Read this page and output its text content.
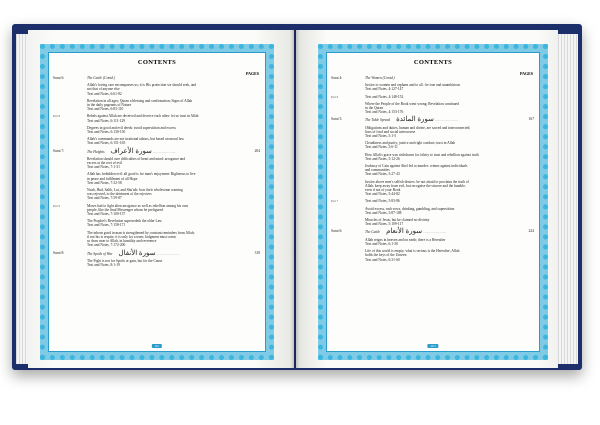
CONTENTS
PAGES
Surat 6:	The Cattle (Contd.)
Allah's loving care encompasses us; it is His protection we should seek, and
not that of anyone else
Text and Notes, 6:61-82
Revelation in all ages; Quran a blessing and confirmation; Signs of Allah
in the daily pageants of Nature
Text and Notes, 6:83-110
Part 8	Rebels against Allah are deceived and deceive each other: let us trust in Allah
Text and Notes, 6:111-129
Degrees in good and evil deeds: avoid superstition and excess
Text and Notes, 6:130-150
Allah's commands are not irrational taboos, but based on moral law
Text and Notes, 6:151-165
Surat 7:	The Heights سورة الأعراف ..........................	204
Revelation should cure difficulties of heart and mind: arrogance and
excess at the root of evil
Text and Notes, 7:1-31
Allah has forbidden evil: all good is for man's enjoyment: Righteous to live
in peace and fulfilment of all Hope
Text and Notes, 7:32-58
Noah, Hud, Salih, Lut, and Shu'aib: how their wholesome warning
was rejected, to the detriment of the rejecters
Text and Notes, 7:59-87
Part 9	Moses had to fight alien arrogance as well as rebellion among his own
people, like the final Messenger whom he prefigured
Text and Notes, 7:100-157
The Prophet's Revelation supersedeth the older Law
Text and Notes, 7:158-171
The inborn good in man is strengthened by constant reminders from Allah;
if not his is respite, it is only for a term; Judgment must come;
so draw near to Allah, in humility and reverence
Text and Notes, 7:172-206
Surat 8:	The Spoils of War سورة الأنفال ..........................	318
The Fight is not for Spoils or gain, but for the Cause
Text and Notes, 8:1-19
xlv
CONTENTS
PAGES
Surat 4:	The Women (Contd.)
Justice to women and orphans and to all : be true and unambitious
Text and Notes, 4:127-147
Part 6	Text and Notes, 4:148-152
Where the People of the Book went wrong; Revelation continued
in the Quran
Text and Notes, 4:153-176
Surat 5:	The Table Spread سورة المائدة ..........................	167
Obligations and duties, human and divine, are sacred and interconnected;
laws of food and social intercourse
Text and Notes, 5:1-5
Cleanliness and purity; justice and right conduct; trust in Allah
Text and Notes, 5:6-11
How Allah's grace was withdrawn for falsity to trust and rebellion against truth
Text and Notes, 5:12-26
Jealousy of Cain against Abel led to murder: crimes against individuals
and communities
Text and Notes, 5:27-43
Justice above men's selfish desires: be not afraid to proclaim the truth of
Allah: keep away from evil, but recognise the sincere and the humble,
even if not of your Book
Text and Notes, 5:44-82
Part 7	Text and Notes, 5:83-86
Avoid excess, rash vows, drinking, gambling, and superstition
Text and Notes, 5:87-108
Miracles of Jesus, but he claimed no divinity
Text and Notes, 5:109-117
Surat 6:	The Cattle سورة الأنعام ..........................	224
Allah reigns in heaven and on earth; there is a Hereafter
Text and Notes, 6:1-30
Life of this world is empty; what is serious is the Hereafter; Allah
holds the keys of the Unseen
Text and Notes, 6:31-60
xlvi
